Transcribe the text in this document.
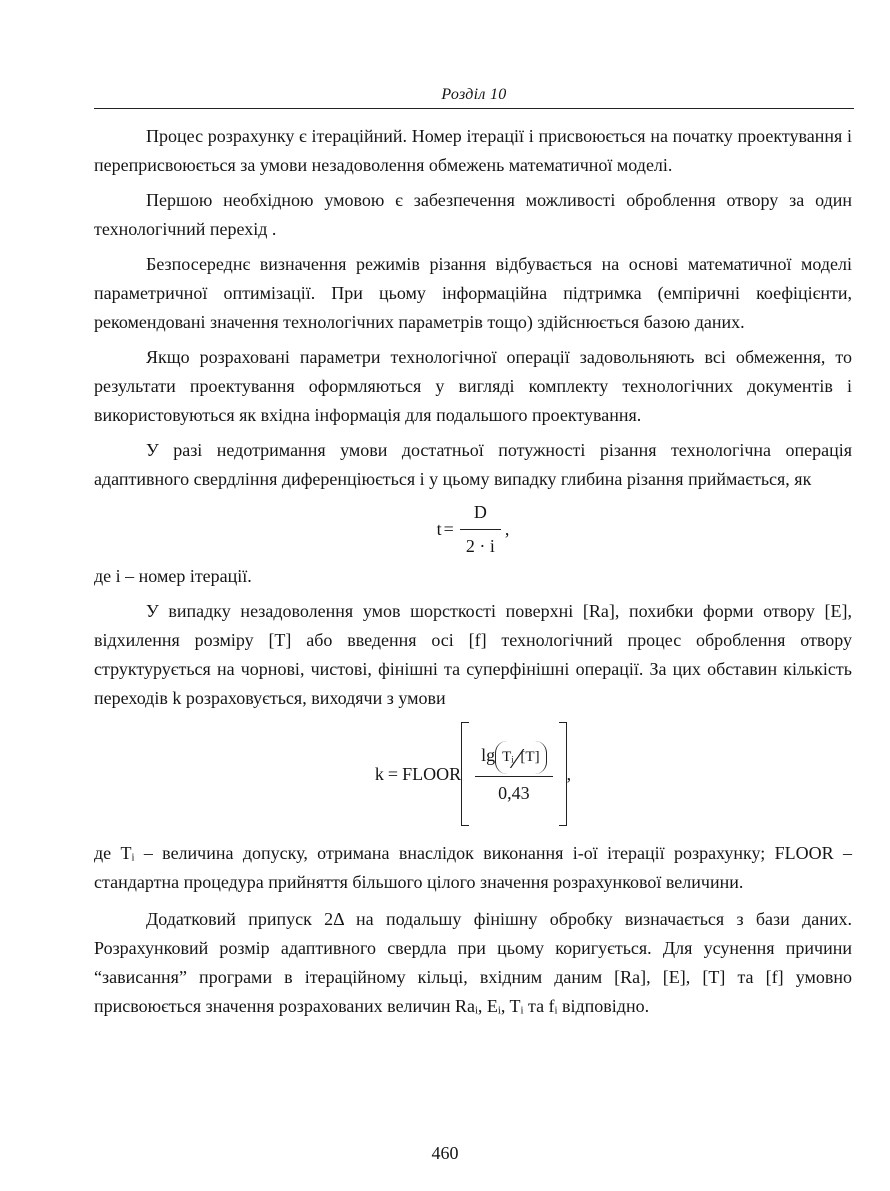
Розділ 10

Процес розрахунку є ітераційний. Номер ітерації i присвоюється на початку проектування і переприсвоюється за умови незадоволення обмежень математичної моделі.

Першою необхідною умовою є забезпечення можливості оброблення отвору за один технологічний перехід .

Безпосереднє визначення режимів різання відбувається на основі математичної моделі параметричної оптимізації. При цьому інформаційна підтримка (емпіричні коефіцієнти, рекомендовані значення технологічних параметрів тощо) здійснюється базою даних.

Якщо розраховані параметри технологічної операції задовольняють всі обмеження, то результати проектування оформляються у вигляді комплекту технологічних документів і використовуються як вхідна інформація для подальшого проектування.

У разі недотримання умови достатньої потужності різання технологічна операція адаптивного свердління диференціюється і у цьому випадку глибина різання приймається, як

$t = \frac{D}{2 \cdot i}$ ,

де і – номер ітерації.

У випадку незадоволення умов шорсткості поверхні [Ra], похибки форми отвору [E], відхилення розміру [T] або введення осі [f] технологічний процес оброблення отвору структурується на чорнові, чистові, фінішні та суперфінішні операції. За цих обставин кількість переходів k розраховується, виходячи з умови

k = FLOOR $\frac{\text{lg Tᵢ ⁄ [T]}}{0,43}$ ,

де Tᵢ – величина допуску, отримана внаслідок виконання і-ої ітерації розрахунку; FLOOR – стандартна процедура прийняття більшого цілого значення розрахункової величини.

Додатковий припуск 2Δ на подальшу фінішну обробку визначається з бази даних. Розрахунковий розмір адаптивного свердла при цьому коригується. Для усунення причини “зависання” програми в ітераційному кільці, вхідним даним [Ra], [E], [T] та [f] умовно присвоюється значення розрахованих величин Raᵢ, Eᵢ, Tᵢ та fᵢ відповідно.

460
